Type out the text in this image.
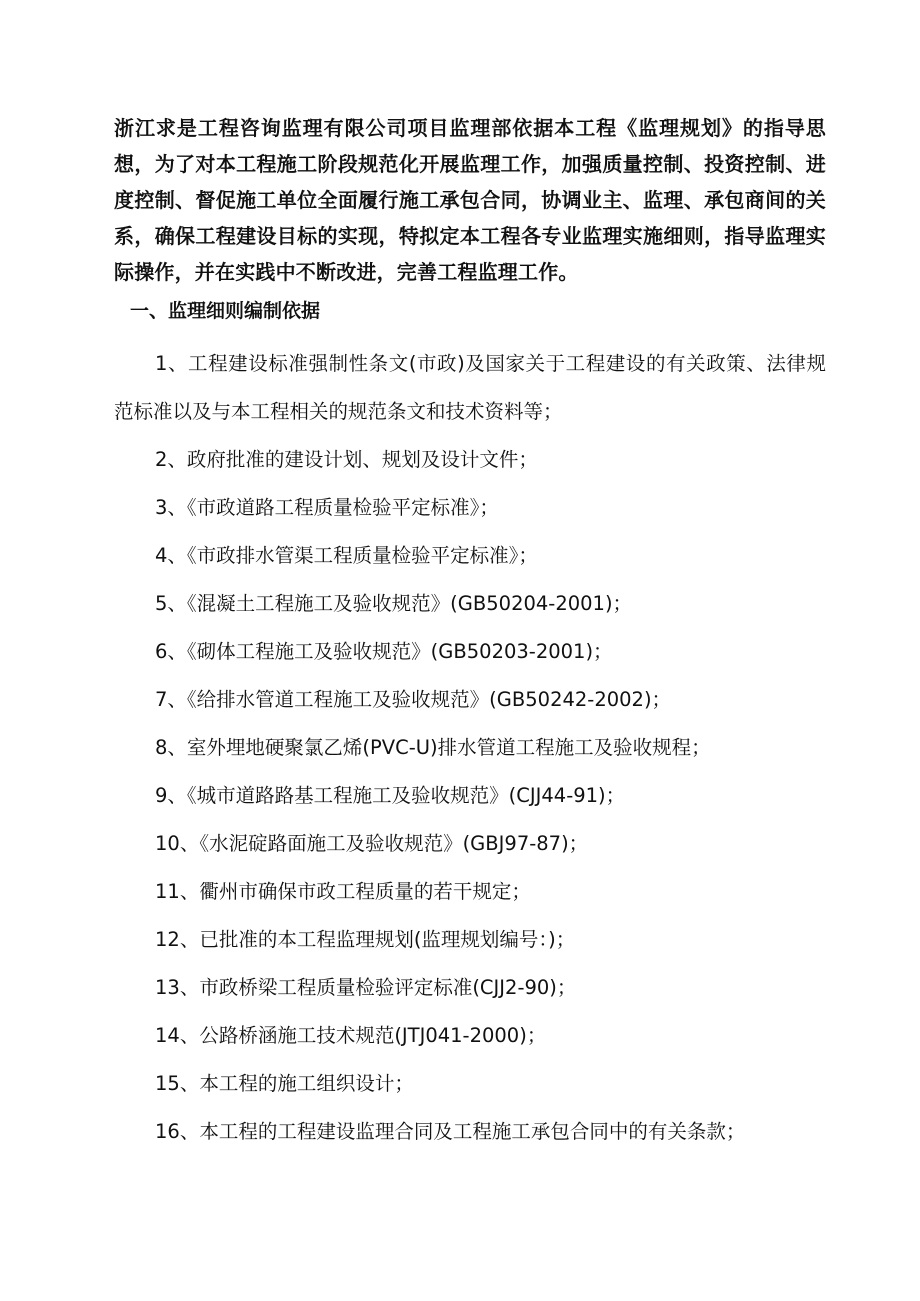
浙江求是工程咨询监理有限公司项目监理部依据本工程《监理规划》的指导思想，为了对本工程施工阶段规范化开展监理工作，加强质量控制、投资控制、进度控制、督促施工单位全面履行施工承包合同，协调业主、监理、承包商间的关系，确保工程建设目标的实现，特拟定本工程各专业监理实施细则，指导监理实际操作，并在实践中不断改进，完善工程监理工作。

一、监理细则编制依据
1、工程建设标准强制性条文(市政)及国家关于工程建设的有关政策、法律规范标准以及与本工程相关的规范条文和技术资料等；
2、政府批准的建设计划、规划及设计文件；
3、《市政道路工程质量检验平定标准》；
4、《市政排水管渠工程质量检验平定标准》；
5、《混凝土工程施工及验收规范》(GB50204-2001)；
6、《砌体工程施工及验收规范》(GB50203-2001)；
7、《给排水管道工程施工及验收规范》(GB50242-2002)；
8、室外埋地硬聚氯乙烯(PVC-U)排水管道工程施工及验收规程；
9、《城市道路路基工程施工及验收规范》(CJJ44-91)；
10、《水泥碇路面施工及验收规范》(GBJ97-87)；
11、衢州市确保市政工程质量的若干规定；
12、已批准的本工程监理规划(监理规划编号：)；
13、市政桥梁工程质量检验评定标准(CJJ2-90)；
14、公路桥涵施工技术规范(JTJ041-2000)；
15、本工程的施工组织设计；
16、本工程的工程建设监理合同及工程施工承包合同中的有关条款；
